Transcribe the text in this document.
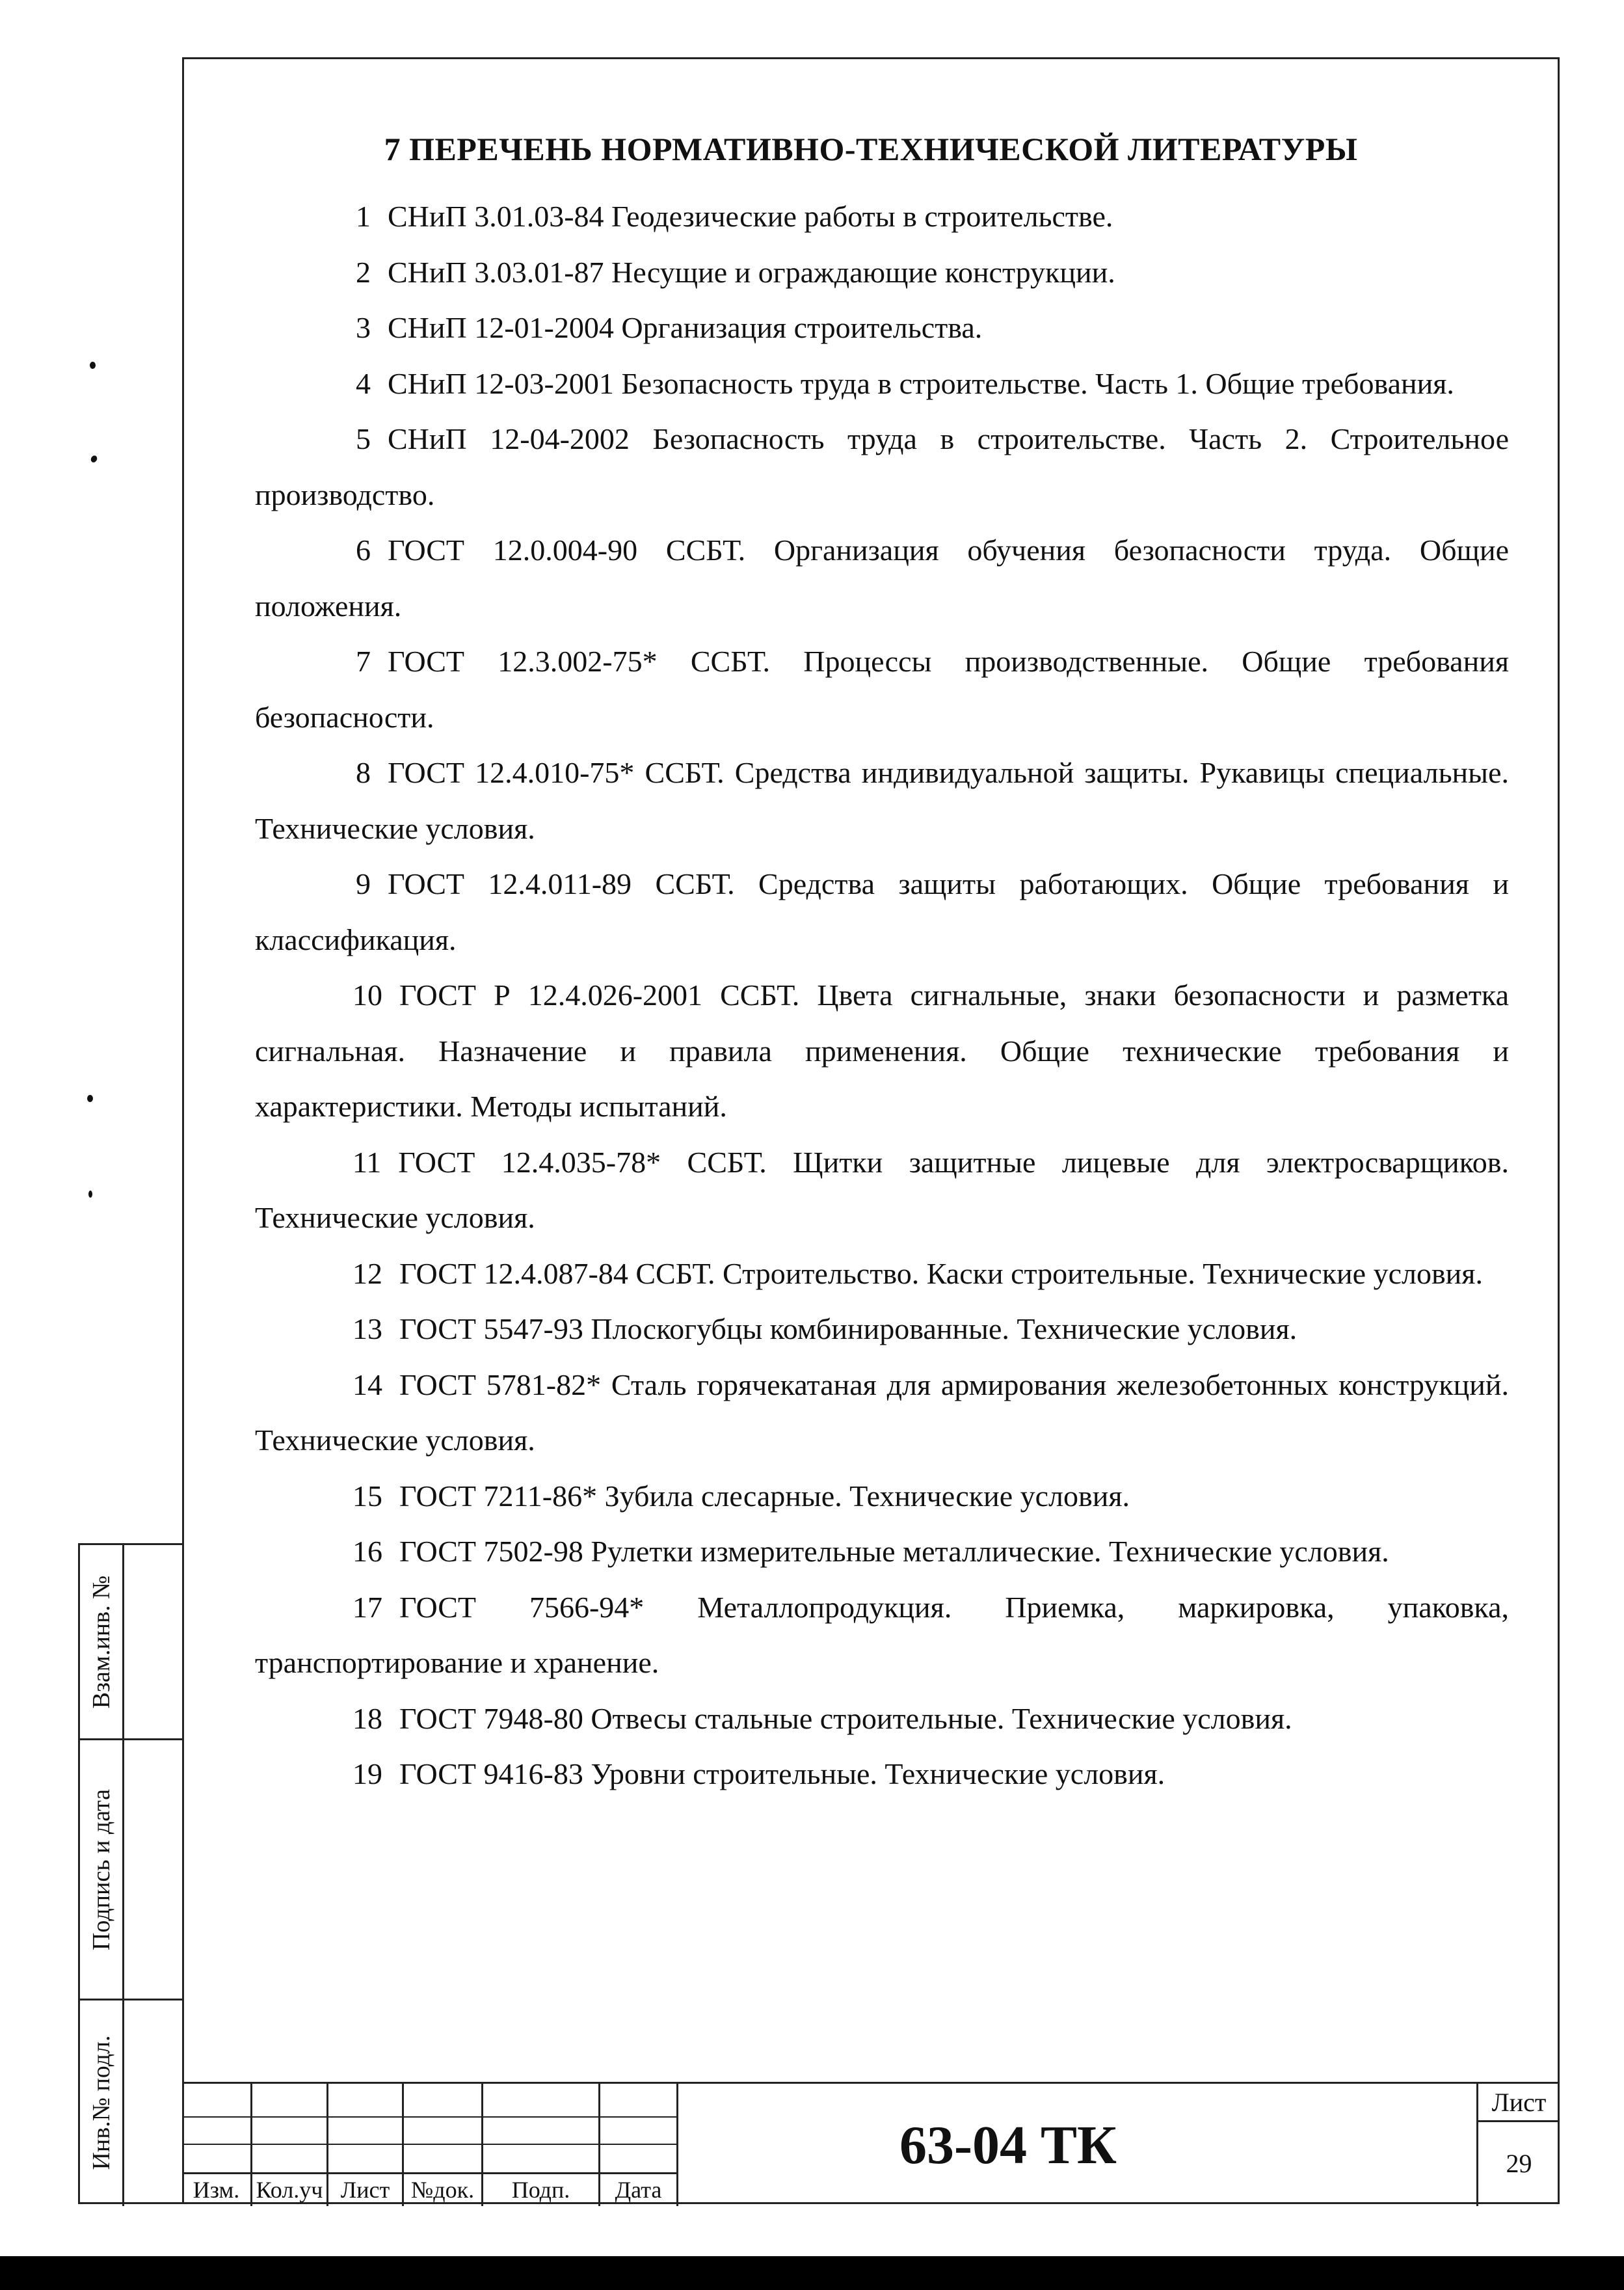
7 ПЕРЕЧЕНЬ НОРМАТИВНО-ТЕХНИЧЕСКОЙ ЛИТЕРАТУРЫ

1 СНиП 3.01.03-84 Геодезические работы в строительстве.

2 СНиП 3.03.01-87 Несущие и ограждающие конструкции.

3 СНиП 12-01-2004 Организация строительства.

4 СНиП 12-03-2001 Безопасность труда в строительстве. Часть 1. Общие требования.

5 СНиП 12-04-2002 Безопасность труда в строительстве. Часть 2. Строительное производство.

6 ГОСТ 12.0.004-90 ССБТ. Организация обучения безопасности труда. Общие положения.

7 ГОСТ 12.3.002-75* ССБТ. Процессы производственные. Общие требования безопасности.

8 ГОСТ 12.4.010-75* ССБТ. Средства индивидуальной защиты. Рукавицы специальные. Технические условия.

9 ГОСТ 12.4.011-89 ССБТ. Средства защиты работающих. Общие требования и классификация.

10 ГОСТ Р 12.4.026-2001 ССБТ. Цвета сигнальные, знаки безопасности и разметка сигнальная. Назначение и правила применения. Общие технические требования и характеристики. Методы испытаний.

11 ГОСТ 12.4.035-78* ССБТ. Щитки защитные лицевые для электросварщиков. Технические условия.

12 ГОСТ 12.4.087-84 ССБТ. Строительство. Каски строительные. Технические условия.

13 ГОСТ 5547-93 Плоскогубцы комбинированные. Технические условия.

14 ГОСТ 5781-82* Сталь горячекатаная для армирования железобетонных конструкций. Технические условия.

15 ГОСТ 7211-86* Зубила слесарные. Технические условия.

16 ГОСТ 7502-98 Рулетки измерительные металлические. Технические условия.

17 ГОСТ 7566-94* Металлопродукция. Приемка, маркировка, упаковка, транспортирование и хранение.

18 ГОСТ 7948-80 Отвесы стальные строительные. Технические условия.

19 ГОСТ 9416-83 Уровни строительные. Технические условия.

Взам.инв. №
Подпись и дата
Инв.№ подл.
Изм. Кол.уч Лист №док.	Подп.	Дата
63-04 ТК
Лист
29
